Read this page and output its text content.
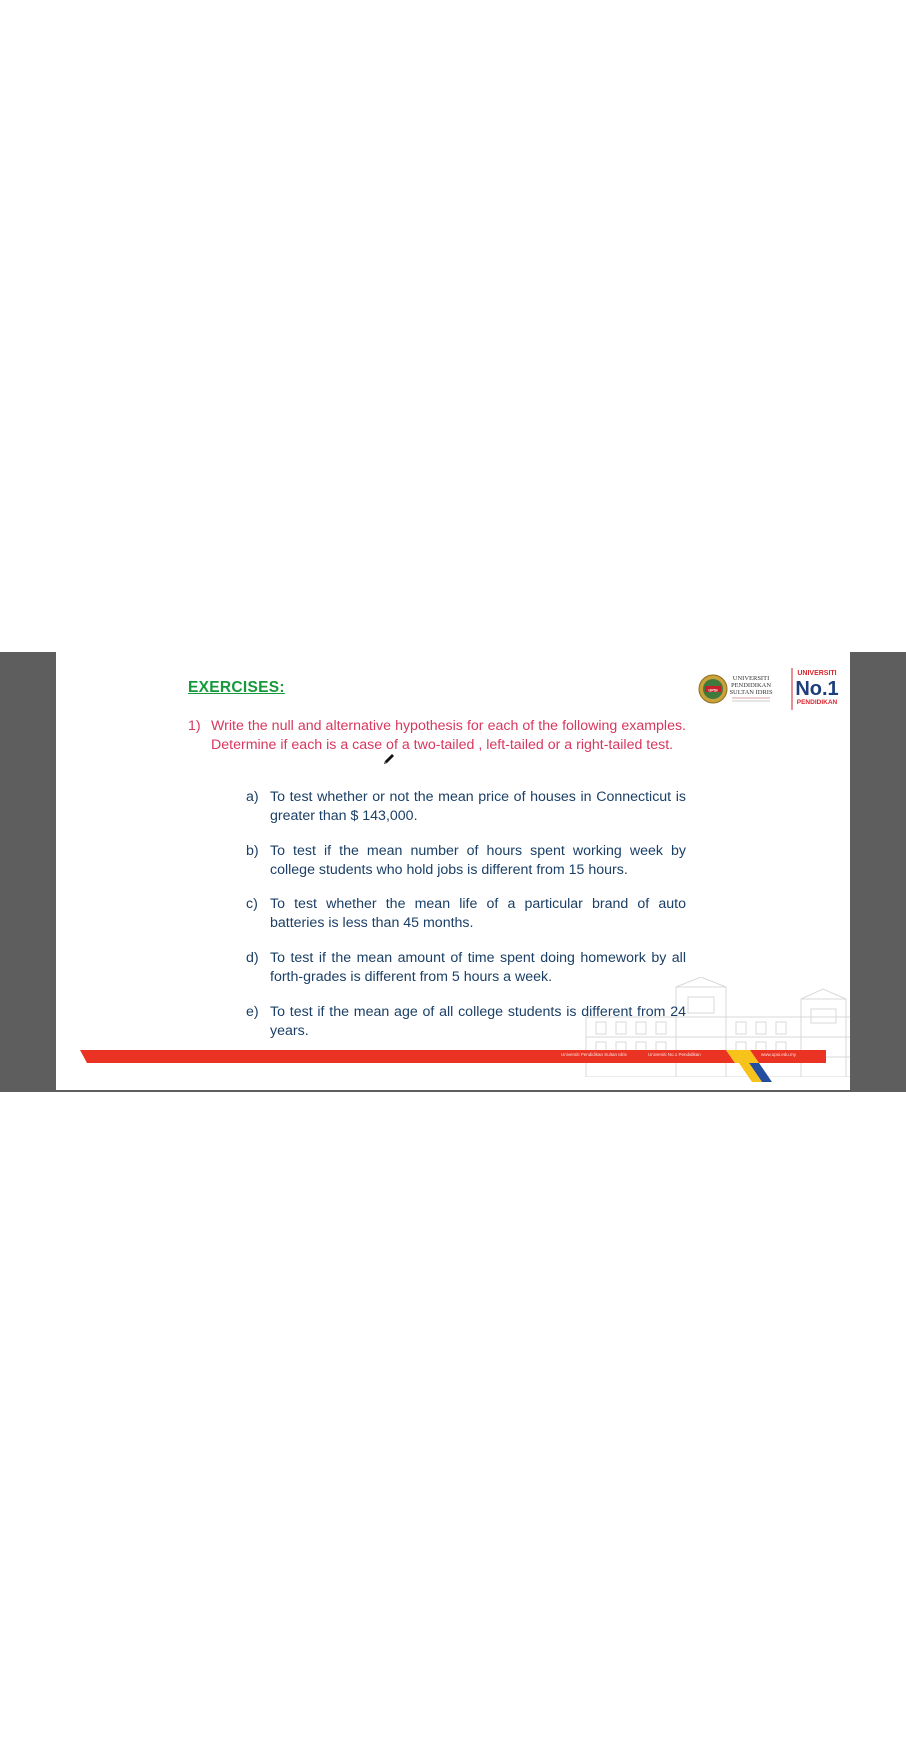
EXERCISES:
1) Write the null and alternative hypothesis for each of the following examples. Determine if each is a case of a two-tailed , left-tailed or a right-tailed test.
a) To test whether or not the mean price of houses in Connecticut is greater than $ 143,000.
b) To test if the mean number of hours spent working week by college students who hold jobs is different from 15 hours.
c) To test whether the mean life of a particular brand of auto batteries is less than 45 months.
d) To test if the mean amount of time spent doing homework by all forth-grades is different from 5 hours a week.
e) To test if the mean age of all college students is different from 24 years.
UPSI
UNIVERSITI
PENDIDIKAN
SULTAN IDRIS
UNIVERSITI
No.1
PENDIDIKAN
Universiti Pendidikan Sultan Idris	Universiti No.1 Pendidikan	www.upsi.edu.my
